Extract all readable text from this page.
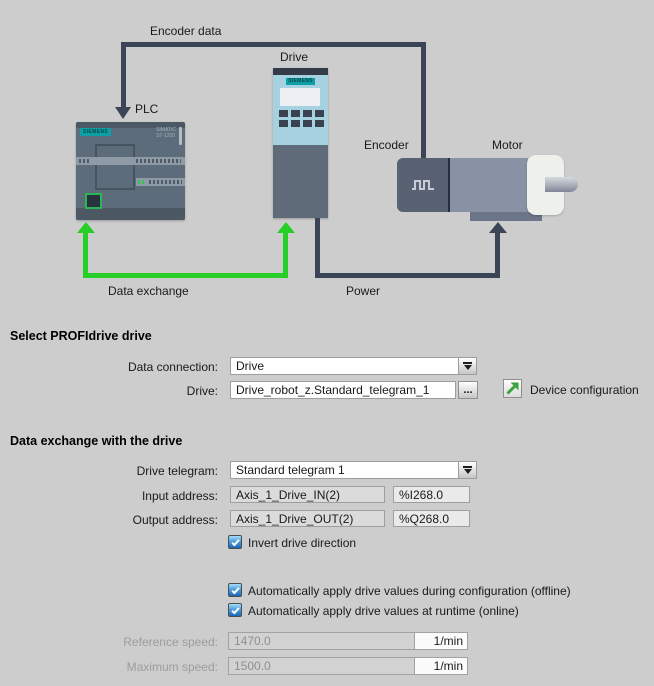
Encoder data
PLC
Drive
Encoder	Motor
SIEMENS	SIMATIC
S7-1200
SIEMENS
Data exchange	Power
Select PROFIdrive drive
Data connection:	Drive
Drive:	Drive_robot_z.Standard_telegram_1	...	Device configuration
Data exchange with the drive
Drive telegram:	Standard telegram 1
Input address:	Axis_1_Drive_IN(2)	%I268.0
Output address:	Axis_1_Drive_OUT(2)	%Q268.0
Invert drive direction
Automatically apply drive values during configuration (offline)
Automatically apply drive values at runtime (online)
Reference speed:	1470.0	1/min
Maximum speed:	1500.0	1/min
